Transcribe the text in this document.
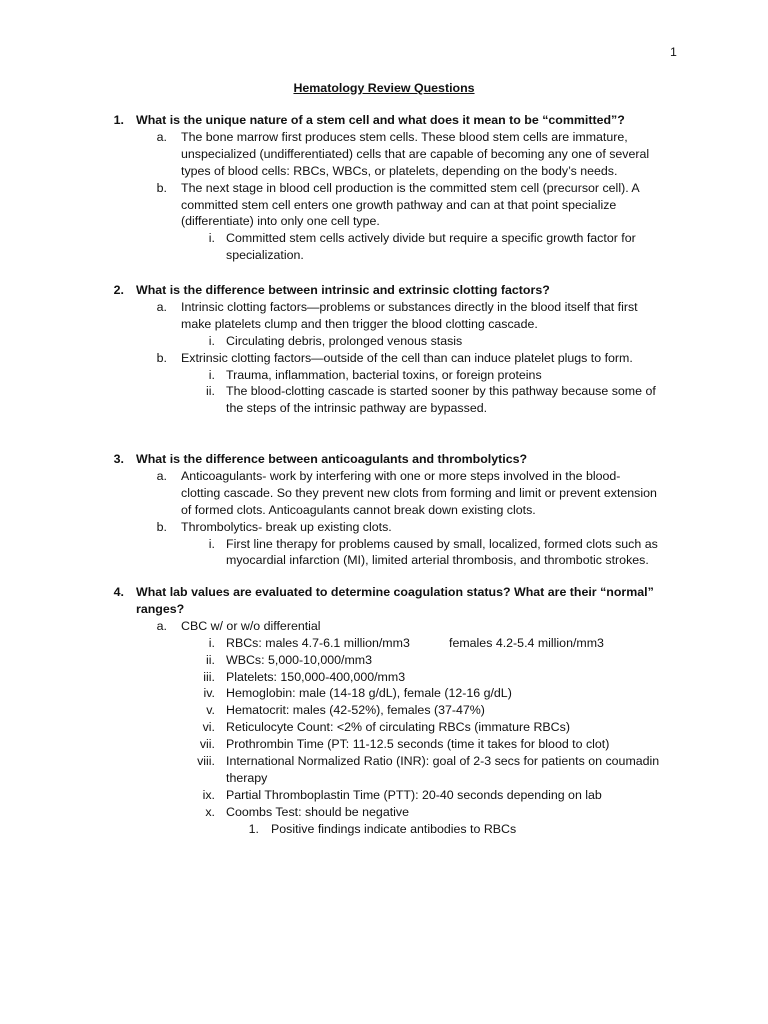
1
Hematology Review Questions
1. What is the unique nature of a stem cell and what does it mean to be “committed”?
a. The bone marrow first produces stem cells. These blood stem cells are immature,
unspecialized (undifferentiated) cells that are capable of becoming any one of several
types of blood cells: RBCs, WBCs, or platelets, depending on the body’s needs.
b. The next stage in blood cell production is the committed stem cell (precursor cell). A
committed stem cell enters one growth pathway and can at that point specialize
(differentiate) into only one cell type.
i. Committed stem cells actively divide but require a specific growth factor for
specialization.
2. What is the difference between intrinsic and extrinsic clotting factors?
a. Intrinsic clotting factors—problems or substances directly in the blood itself that first
make platelets clump and then trigger the blood clotting cascade.
i. Circulating debris, prolonged venous stasis
b. Extrinsic clotting factors—outside of the cell than can induce platelet plugs to form.
i. Trauma, inflammation, bacterial toxins, or foreign proteins
ii. The blood-clotting cascade is started sooner by this pathway because some of
the steps of the intrinsic pathway are bypassed.
3. What is the difference between anticoagulants and thrombolytics?
a. Anticoagulants- work by interfering with one or more steps involved in the blood-
clotting cascade. So they prevent new clots from forming and limit or prevent extension
of formed clots. Anticoagulants cannot break down existing clots.
b. Thrombolytics- break up existing clots.
i. First line therapy for problems caused by small, localized, formed clots such as
myocardial infarction (MI), limited arterial thrombosis, and thrombotic strokes.
4. What lab values are evaluated to determine coagulation status? What are their “normal”
ranges?
a. CBC w/ or w/o differential
i. RBCs: males 4.7-6.1 million/mm3	females 4.2-5.4 million/mm3
ii. WBCs: 5,000-10,000/mm3
iii. Platelets: 150,000-400,000/mm3
iv. Hemoglobin: male (14-18 g/dL), female (12-16 g/dL)
v. Hematocrit: males (42-52%), females (37-47%)
vi. Reticulocyte Count: <2% of circulating RBCs (immature RBCs)
vii. Prothrombin Time (PT: 11-12.5 seconds (time it takes for blood to clot)
viii. International Normalized Ratio (INR): goal of 2-3 secs for patients on coumadin
therapy
ix. Partial Thromboplastin Time (PTT): 20-40 seconds depending on lab
x. Coombs Test: should be negative
1. Positive findings indicate antibodies to RBCs
